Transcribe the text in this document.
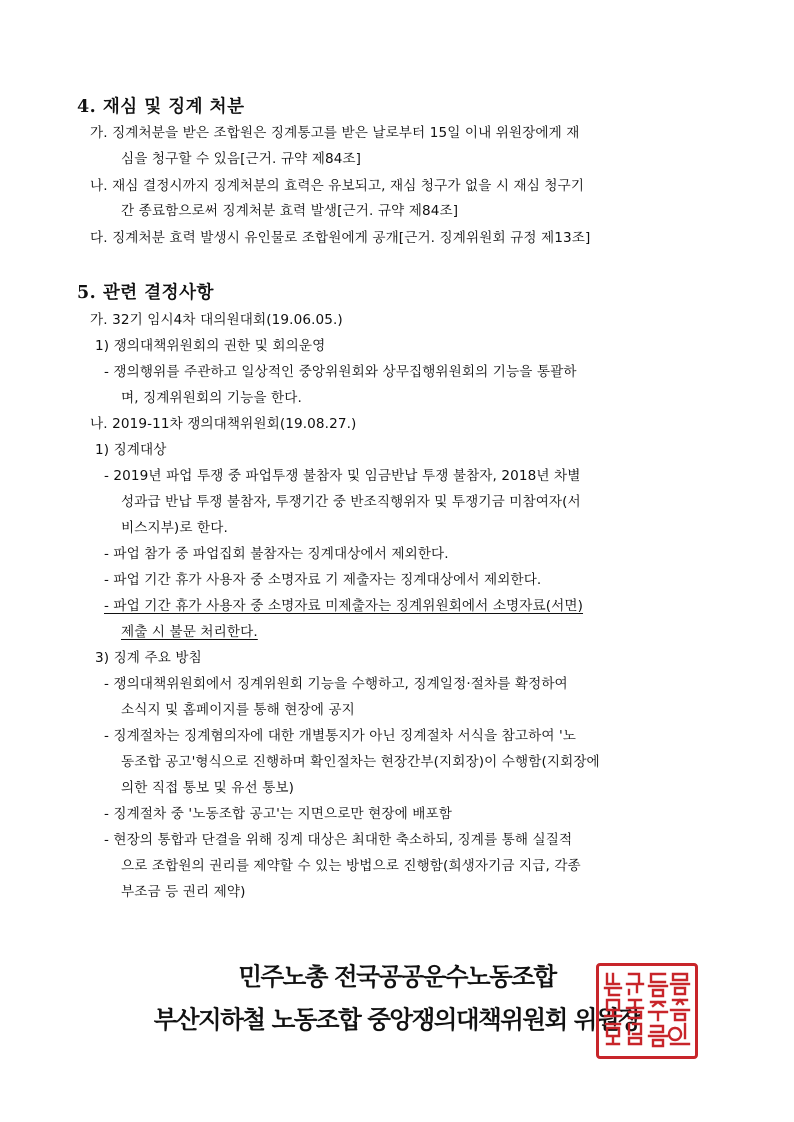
4. 재심 및 징계 처분

가. 징계처분을 받은 조합원은 징계통고를 받은 날로부터 15일 이내 위원장에게 재

심을 청구할 수 있음[근거. 규약 제84조]

나. 재심 결정시까지 징계처분의 효력은 유보되고, 재심 청구가 없을 시 재심 청구기

간 종료함으로써 징계처분 효력 발생[근거. 규약 제84조]

다. 징계처분 효력 발생시 유인물로 조합원에게 공개[근거. 징계위원회 규정 제13조]

5. 관련 결정사항

가. 32기 임시4차 대의원대회(19.06.05.)

1) 쟁의대책위원회의 권한 및 회의운영

- 쟁의행위를 주관하고 일상적인 중앙위원회와 상무집행위원회의 기능을 통괄하

며, 징계위원회의 기능을 한다.

나. 2019-11차 쟁의대책위원회(19.08.27.)

1) 징계대상

- 2019년 파업 투쟁 중 파업투쟁 불참자 및 임금반납 투쟁 불참자, 2018년 차별

성과급 반납 투쟁 불참자, 투쟁기간 중 반조직행위자 및 투쟁기금 미참여자(서

비스지부)로 한다.

- 파업 참가 중 파업집회 불참자는 징계대상에서 제외한다.

- 파업 기간 휴가 사용자 중 소명자료 기 제출자는 징계대상에서 제외한다.

- 파업 기간 휴가 사용자 중 소명자료 미제출자는 징계위원회에서 소명자료(서면)

제출 시 불문 처리한다.

3) 징계 주요 방침

- 쟁의대책위원회에서 징계위원회 기능을 수행하고, 징계일정·절차를 확정하여

소식지 및 홈페이지를 통해 현장에 공지

- 징계절차는 징계혐의자에 대한 개별통지가 아닌 징계절차 서식을 참고하여 '노

동조합 공고'형식으로 진행하며 확인절차는 현장간부(지회장)이 수행함(지회장에

의한 직접 통보 및 유선 통보)

- 징계절차 중 '노동조합 공고'는 지면으로만 현장에 배포함

- 현장의 통합과 단결을 위해 징계 대상은 최대한 축소하되, 징계를 통해 실질적

으로 조합원의 권리를 제약할 수 있는 방법으로 진행함(희생자기금 지급, 각종

부조금 등 권리 제약)

민주노총 전국공공운수노동조합

부산지하철 노동조합 중앙쟁의대책위원회 위원장
